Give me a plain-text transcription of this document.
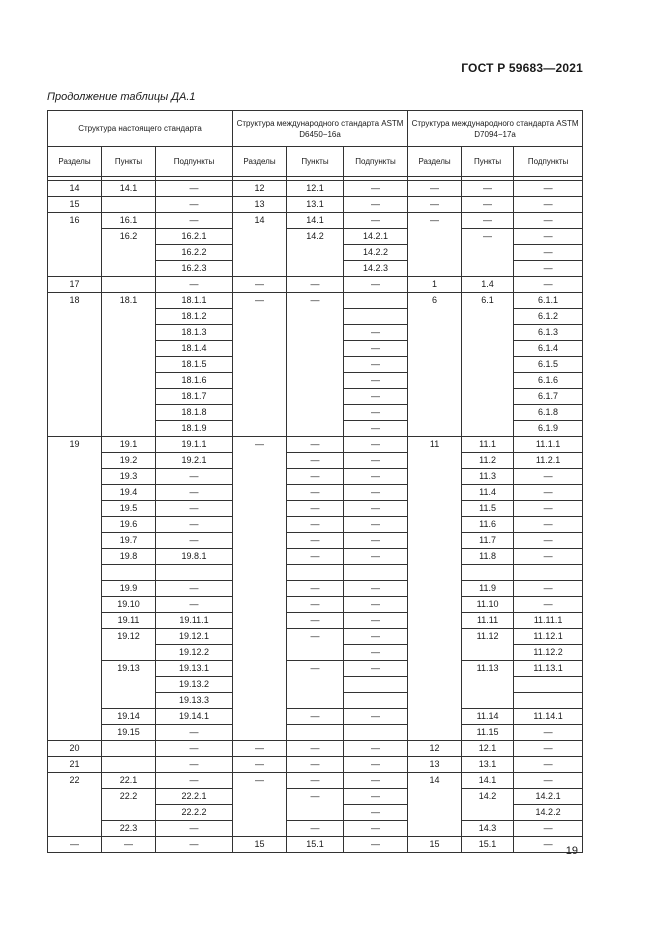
ГОСТ Р 59683—2021
Продолжение таблицы ДА.1
Структура настоящего стандарта			Структура международного стандарта ASTM D6450−16a			Структура международного стандарта ASTM D7094−17a		
Разделы	Пункты	Подпункты	Разделы	Пункты	Подпункты	Разделы	Пункты	Подпункты

14	14.1	—	12	12.1	—	—	—	—
15		—	13	13.1	—	—	—	—
16	16.1	—	14	14.1	—	—	—	—
	16.2	16.2.1		14.2	14.2.1		—	—
		16.2.2			14.2.2			—
		16.2.3			14.2.3			—
17		—	—	—	—	1	1.4	—
18	18.1	18.1.1	—	—		6	6.1	6.1.1
		18.1.2						6.1.2
		18.1.3			—			6.1.3
		18.1.4			—			6.1.4
		18.1.5			—			6.1.5
		18.1.6			—			6.1.6
		18.1.7			—			6.1.7
		18.1.8			—			6.1.8
		18.1.9			—			6.1.9
19	19.1	19.1.1	—	—	—	11	11.1	11.1.1
	19.2	19.2.1		—	—		11.2	11.2.1
	19.3	—		—	—		11.3	—
	19.4	—		—	—		11.4	—
	19.5	—		—	—		11.5	—
	19.6	—		—	—		11.6	—
	19.7	—		—	—		11.7	—
	19.8	19.8.1		—	—		11.8	—

	19.9	—		—	—		11.9	—
	19.10	—		—	—		11.10	—
	19.11	19.11.1		—	—		11.11	11.11.1
	19.12	19.12.1		—	—		11.12	11.12.1
		19.12.2			—			11.12.2
	19.13	19.13.1		—	—		11.13	11.13.1
		19.13.2						
		19.13.3						
	19.14	19.14.1		—	—		11.14	11.14.1
	19.15	—					11.15	—
20		—	—	—	—	12	12.1	—
21		—	—	—	—	13	13.1	—
22	22.1	—	—	—	—	14	14.1	—
	22.2	22.2.1		—	—		14.2	14.2.1
		22.2.2			—			14.2.2
	22.3	—		—	—		14.3	—
—	—	—	15	15.1	—	15	15.1	—
19
